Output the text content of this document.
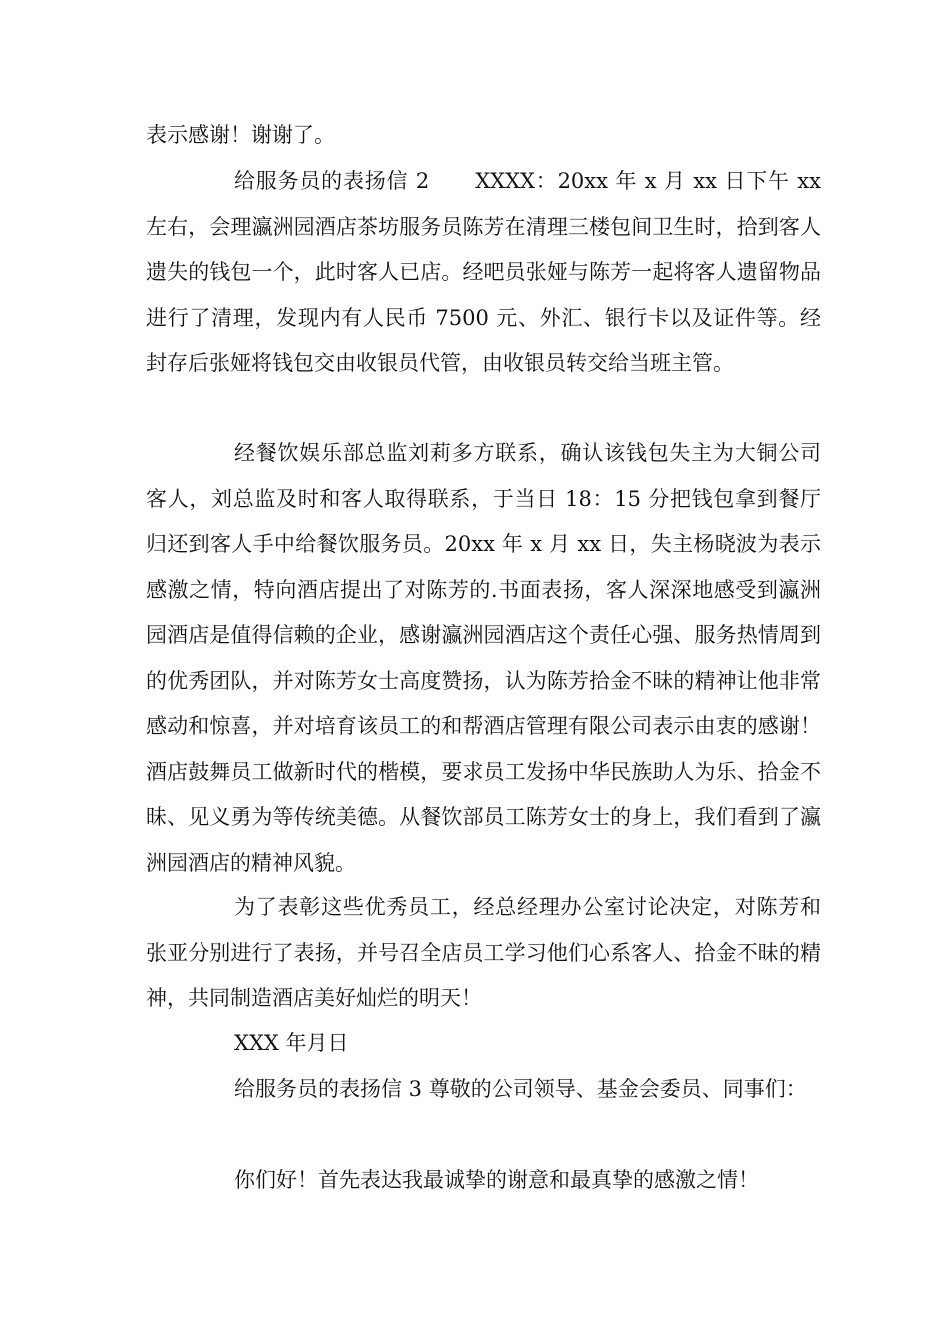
表示感谢！谢谢了。

给服务员的表扬信 2 XXXX：20xx 年 x 月 xx 日下午 xx 左右，会理瀛洲园酒店茶坊服务员陈芳在清理三楼包间卫生时，拾到客人遗失的钱包一个，此时客人已店。经吧员张娅与陈芳一起将客人遗留物品进行了清理，发现内有人民币 7500 元、外汇、银行卡以及证件等。经封存后张娅将钱包交由收银员代管，由收银员转交给当班主管。

经餐饮娱乐部总监刘莉多方联系，确认该钱包失主为大铜公司客人，刘总监及时和客人取得联系，于当日 18：15 分把钱包拿到餐厅归还到客人手中给餐饮服务员。20xx 年 x 月 xx 日，失主杨晓波为表示感激之情，特向酒店提出了对陈芳的.书面表扬，客人深深地感受到瀛洲园酒店是值得信赖的企业，感谢瀛洲园酒店这个责任心强、服务热情周到的优秀团队，并对陈芳女士高度赞扬，认为陈芳拾金不昧的精神让他非常感动和惊喜，并对培育该员工的和帮酒店管理有限公司表示由衷的感谢！酒店鼓舞员工做新时代的楷模，要求员工发扬中华民族助人为乐、拾金不昧、见义勇为等传统美德。从餐饮部员工陈芳女士的身上，我们看到了瀛洲园酒店的精神风貌。

为了表彰这些优秀员工，经总经理办公室讨论决定，对陈芳和张亚分别进行了表扬，并号召全店员工学习他们心系客人、拾金不昧的精神，共同制造酒店美好灿烂的明天！

XXX 年月日

给服务员的表扬信 3 尊敬的公司领导、基金会委员、同事们：

你们好！首先表达我最诚挚的谢意和最真挚的感激之情！
